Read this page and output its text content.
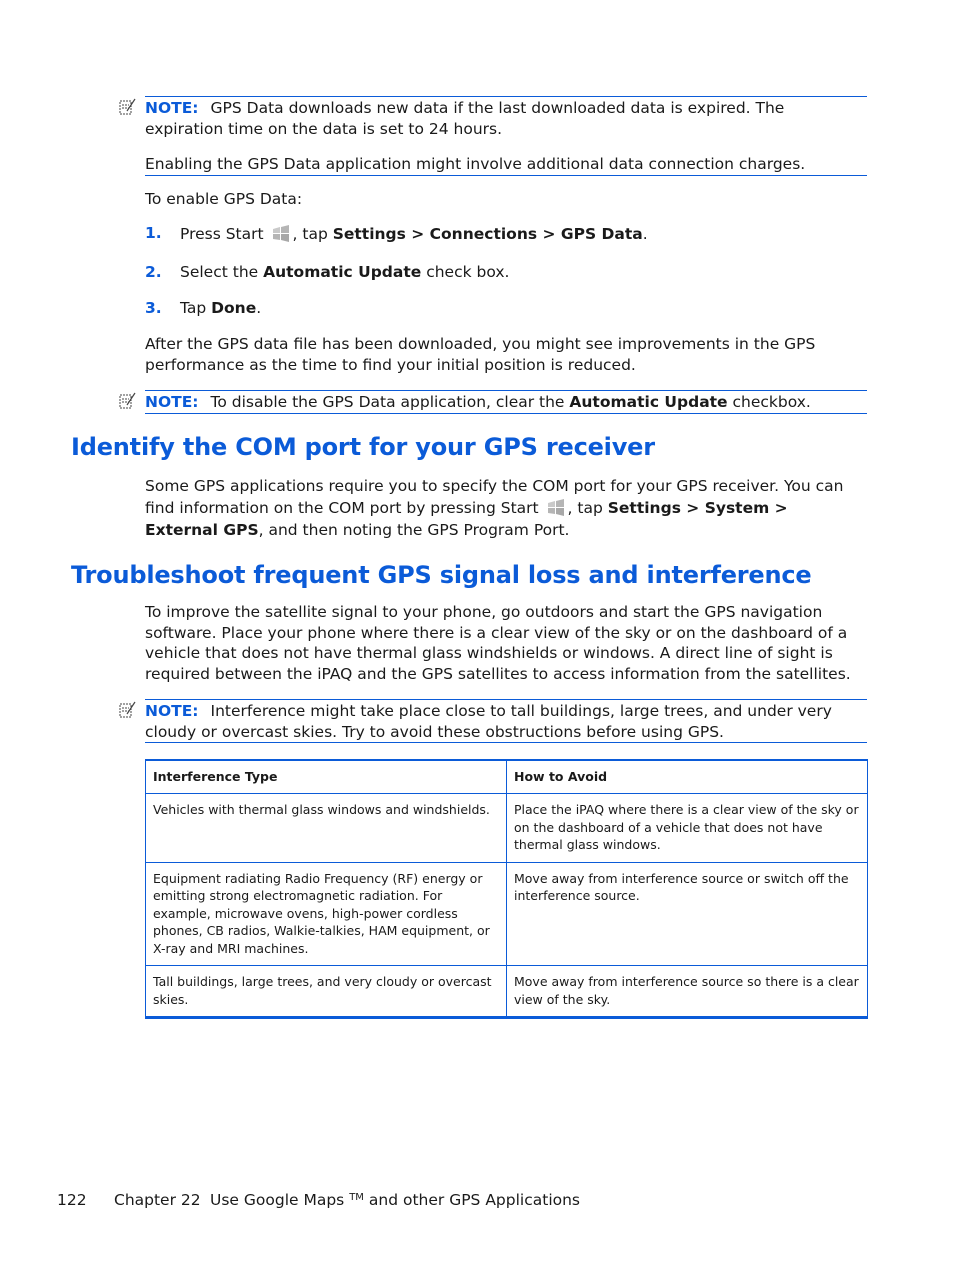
NOTE: GPS Data downloads new data if the last downloaded data is expired. The expiration time on the data is set to 24 hours.
Enabling the GPS Data application might involve additional data connection charges.
To enable GPS Data:
1. Press Start , tap Settings > Connections > GPS Data.
2. Select the Automatic Update check box.
3. Tap Done.
After the GPS data file has been downloaded, you might see improvements in the GPS performance as the time to find your initial position is reduced.
NOTE: To disable the GPS Data application, clear the Automatic Update checkbox.
Identify the COM port for your GPS receiver
Some GPS applications require you to specify the COM port for your GPS receiver. You can find information on the COM port by pressing Start , tap Settings > System > External GPS, and then noting the GPS Program Port.
Troubleshoot frequent GPS signal loss and interference
To improve the satellite signal to your phone, go outdoors and start the GPS navigation software. Place your phone where there is a clear view of the sky or on the dashboard of a vehicle that does not have thermal glass windshields or windows. A direct line of sight is required between the iPAQ and the GPS satellites to access information from the satellites.
NOTE: Interference might take place close to tall buildings, large trees, and under very cloudy or overcast skies. Try to avoid these obstructions before using GPS.
Interference Type	How to Avoid
Vehicles with thermal glass windows and windshields.	Place the iPAQ where there is a clear view of the sky or on the dashboard of a vehicle that does not have thermal glass windows.
Equipment radiating Radio Frequency (RF) energy or emitting strong electromagnetic radiation. For example, microwave ovens, high-power cordless phones, CB radios, Walkie-talkies, HAM equipment, or X-ray and MRI machines.	Move away from interference source or switch off the interference source.
Tall buildings, large trees, and very cloudy or overcast skies.	Move away from interference source so there is a clear view of the sky.
122 Chapter 22 Use Google Maps ™ and other GPS Applications
